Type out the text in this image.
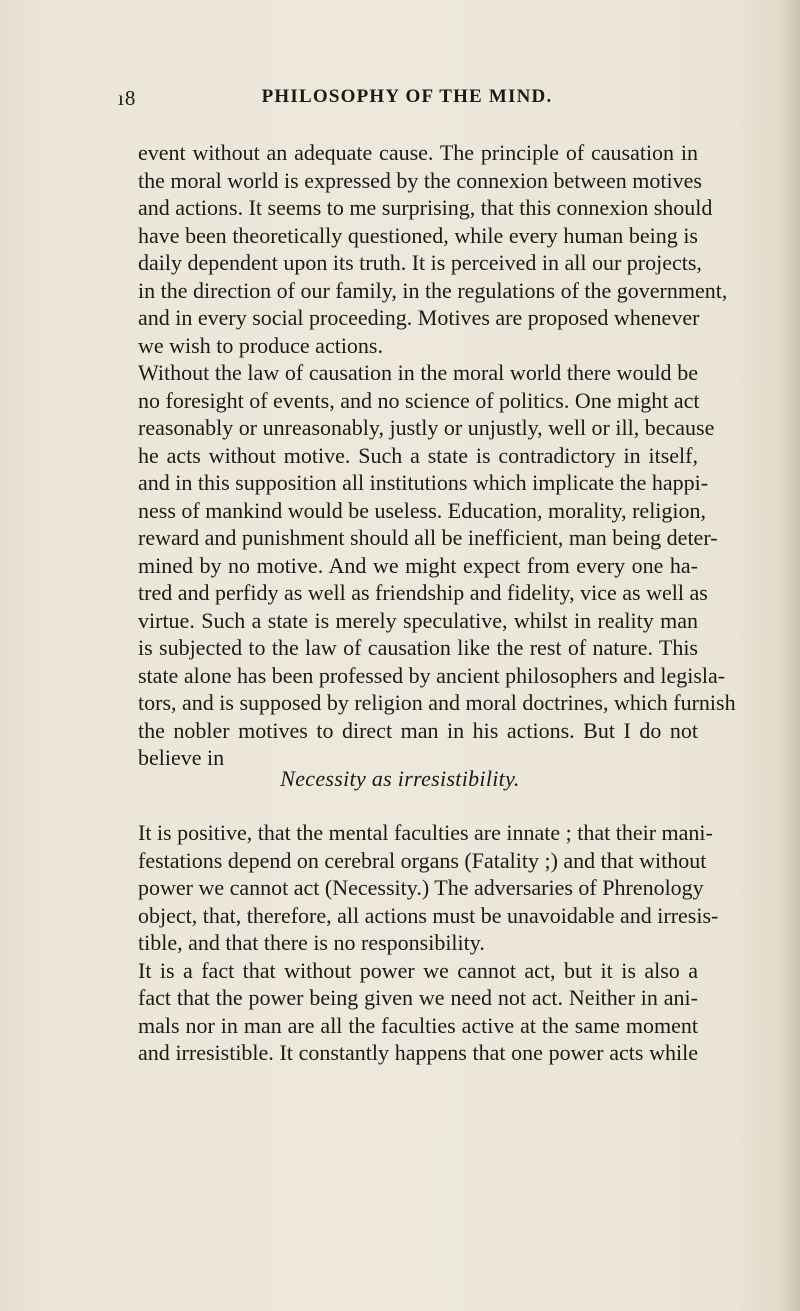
ı8	PHILOSOPHY OF THE MIND.
event without an adequate cause. The principle of causation in
the moral world is expressed by the connexion between motives
and actions. It seems to me surprising, that this connexion should
have been theoretically questioned, while every human being is
daily dependent upon its truth. It is perceived in all our projects,
in the direction of our family, in the regulations of the government,
and in every social proceeding. Motives are proposed whenever
we wish to produce actions.
Without the law of causation in the moral world there would be
no foresight of events, and no science of politics. One might act
reasonably or unreasonably, justly or unjustly, well or ill, because
he acts without motive. Such a state is contradictory in itself,
and in this supposition all institutions which implicate the happi-
ness of mankind would be useless. Education, morality, religion,
reward and punishment should all be inefficient, man being deter-
mined by no motive. And we might expect from every one ha-
tred and perfidy as well as friendship and fidelity, vice as well as
virtue. Such a state is merely speculative, whilst in reality man
is subjected to the law of causation like the rest of nature. This
state alone has been professed by ancient philosophers and legisla-
tors, and is supposed by religion and moral doctrines, which furnish
the nobler motives to direct man in his actions. But I do not
believe in
Necessity as irresistibility.
It is positive, that the mental faculties are innate ; that their mani-
festations depend on cerebral organs (Fatality ;) and that without
power we cannot act (Necessity.) The adversaries of Phrenology
object, that, therefore, all actions must be unavoidable and irresis-
tible, and that there is no responsibility.
It is a fact that without power we cannot act, but it is also a
fact that the power being given we need not act. Neither in ani-
mals nor in man are all the faculties active at the same moment
and irresistible. It constantly happens that one power acts while
